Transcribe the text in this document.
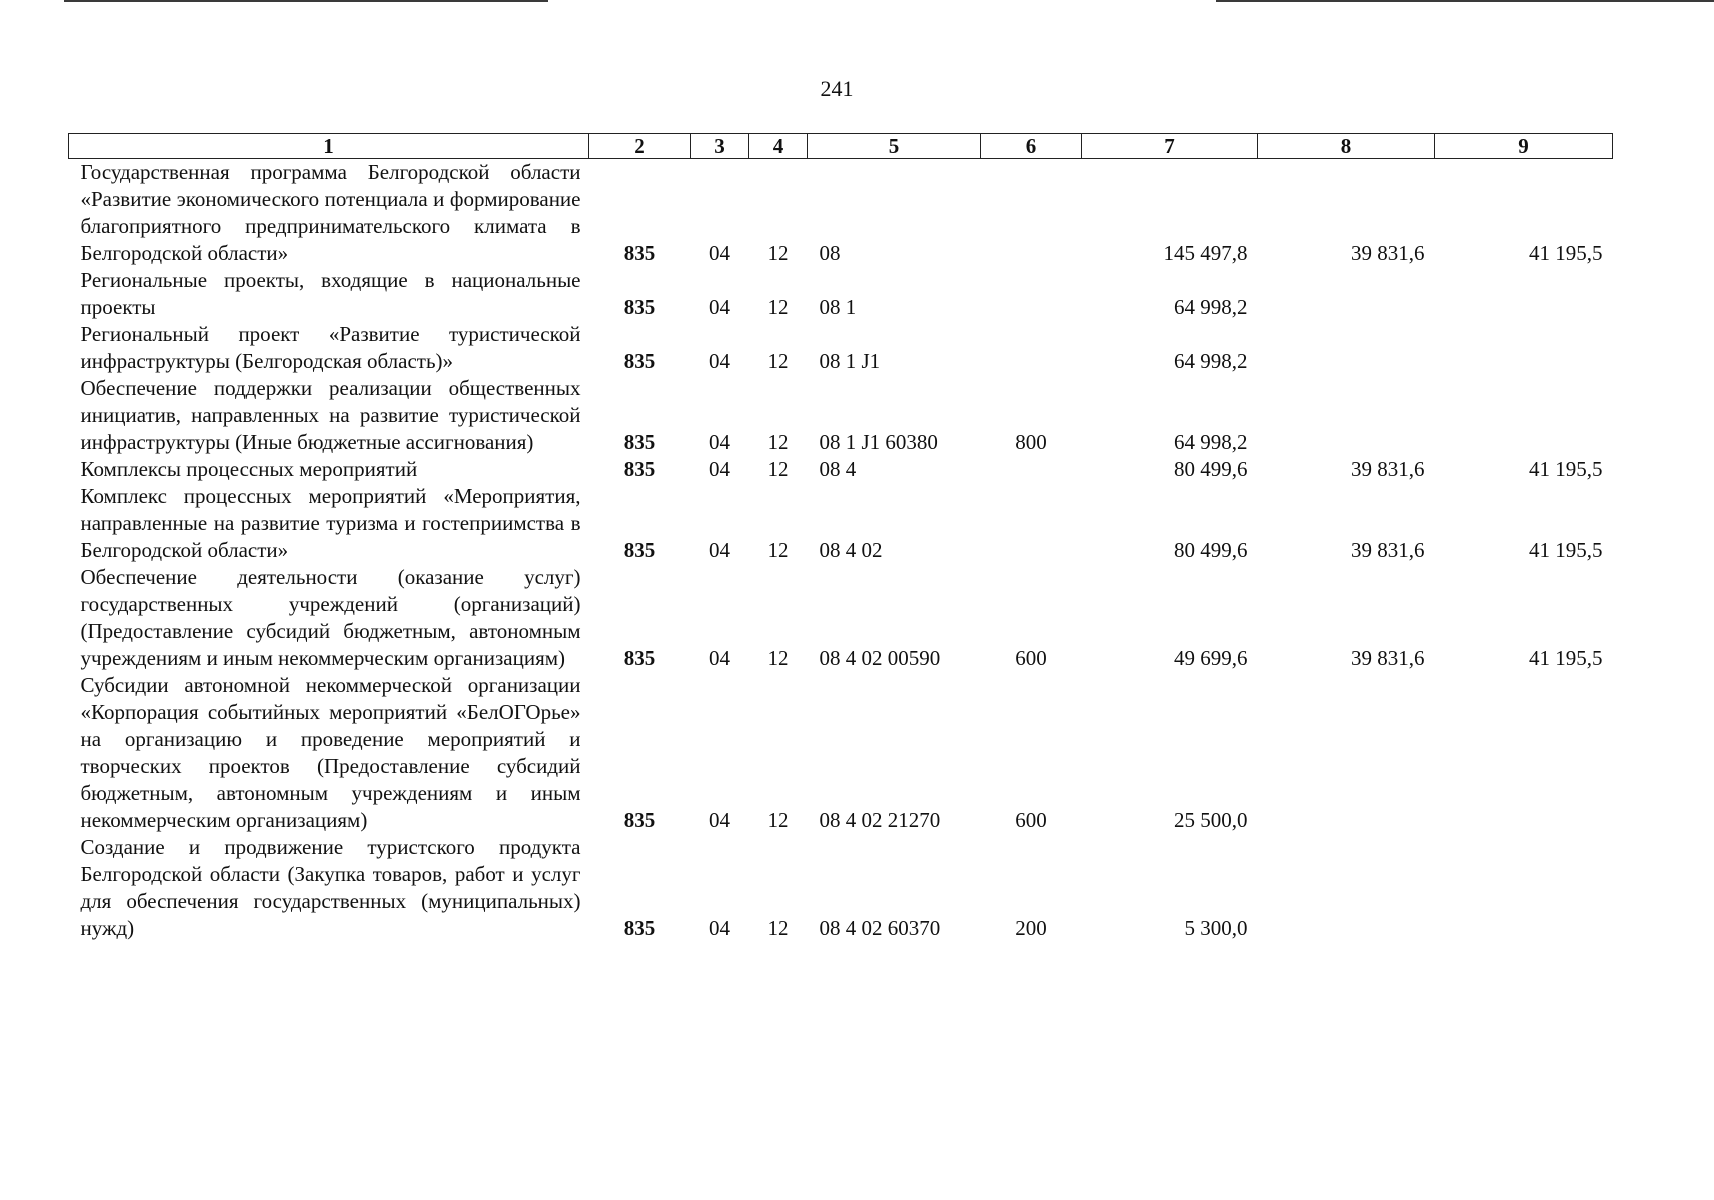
241
1	2	3	4	5	6	7	8	9
Государственная программа Белгородской области «Развитие экономического потенциала и формирование благоприятного предпринимательского климата в Белгородской области»	835	04	12	08		145 497,8	39 831,6	41 195,5
Региональные проекты, входящие в национальные проекты	835	04	12	08 1		64 998,2		
Региональный проект «Развитие туристической инфраструктуры (Белгородская область)»	835	04	12	08 1 J1		64 998,2		
Обеспечение поддержки реализации общественных инициатив, направленных на развитие туристической инфраструктуры (Иные бюджетные ассигнования)	835	04	12	08 1 J1 60380	800	64 998,2		
Комплексы процессных мероприятий	835	04	12	08 4		80 499,6	39 831,6	41 195,5
Комплекс процессных мероприятий «Мероприятия, направленные на развитие туризма и гостеприимства в Белгородской области»	835	04	12	08 4 02		80 499,6	39 831,6	41 195,5
Обеспечение деятельности (оказание услуг) государственных учреждений (организаций) (Предоставление субсидий бюджетным, автономным учреждениям и иным некоммерческим организациям)	835	04	12	08 4 02 00590	600	49 699,6	39 831,6	41 195,5
Субсидии автономной некоммерческой организации «Корпорация событийных мероприятий «БелОГОрье» на организацию и проведение мероприятий и творческих проектов (Предоставление субсидий бюджетным, автономным учреждениям и иным некоммерческим организациям)	835	04	12	08 4 02 21270	600	25 500,0		
Создание и продвижение туристского продукта Белгородской области (Закупка товаров, работ и услуг для обеспечения государственных (муниципальных) нужд)	835	04	12	08 4 02 60370	200	5 300,0		
